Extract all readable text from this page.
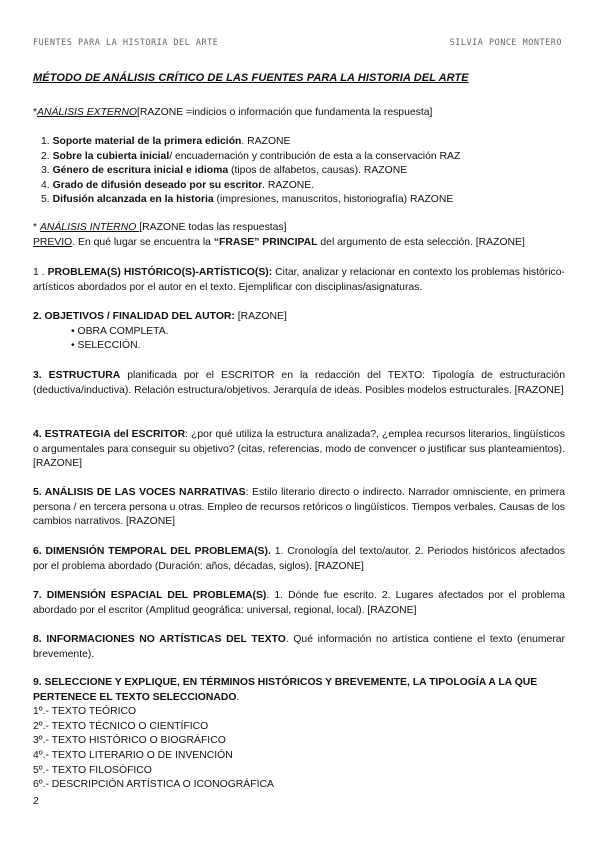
FUENTES PARA LA HISTORIA DEL ARTE	SILVIA PONCE MONTERO
MÉTODO DE ANÁLISIS CRÍTICO DE LAS FUENTES PARA LA HISTORIA DEL ARTE
*ANÁLISIS EXTERNO[RAZONE =indicios o información que fundamenta la respuesta]
1. Soporte material de la primera edición. RAZONE
2. Sobre la cubierta inicial/ encuadernación y contribución de esta a la conservación RAZ
3. Género de escritura inicial e idioma (tipos de alfabetos, causas). RAZONE
4. Grado de difusión deseado por su escritor. RAZONE.
5. Difusión alcanzada en la historia (impresiones, manuscritos, historiografía) RAZONE
* ANÁLISIS INTERNO [RAZONE todas las respuestas]
PREVIO. En qué lugar se encuentra la “FRASE” PRINCIPAL del argumento de esta selección. [RAZONE]
1 . PROBLEMA(S) HISTÓRICO(S)-ARTÍSTICO(S): Citar, analizar y relacionar en contexto los problemas histórico-artísticos abordados por el autor en el texto. Ejemplificar con disciplinas/asignaturas.
2. OBJETIVOS / FINALIDAD DEL AUTOR: [RAZONE]
• OBRA COMPLETA.
• SELECCIÓN.
3. ESTRUCTURA planificada por el ESCRITOR en la redacción del TEXTO: Tipología de estructuración (deductiva/inductiva). Relación estructura/objetivos. Jerarquía de ideas. Posibles modelos estructurales. [RAZONE]
4. ESTRATEGIA del ESCRITOR: ¿por qué utiliza la estructura analizada?, ¿emplea recursos literarios, lingüísticos o argumentales para conseguir su objetivo? (citas, referencias, modo de convencer o justificar sus planteamientos). [RAZONE]
5. ANÁLISIS DE LAS VOCES NARRATIVAS: Estilo literario directo o indirecto. Narrador omnisciente, en primera persona / en tercera persona u otras. Empleo de recursos retóricos o lingüísticos. Tiempos verbales. Causas de los cambios narrativos. [RAZONE]
6. DIMENSIÓN TEMPORAL DEL PROBLEMA(S). 1. Cronología del texto/autor. 2. Periodos históricos afectados por el problema abordado (Duración: años, décadas, siglos). [RAZONE]
7. DIMENSIÓN ESPACIAL DEL PROBLEMA(S). 1. Dónde fue escrito. 2. Lugares afectados por el problema abordado por el escritor (Amplitud geográfica: universal, regional, local). [RAZONE]
8. INFORMACIONES NO ARTÍSTICAS DEL TEXTO. Qué información no artística contiene el texto (enumerar brevemente).
9. SELECCIONE Y EXPLIQUE, EN TÉRMINOS HISTÓRICOS Y BREVEMENTE, LA TIPOLOGÍA A LA QUE PERTENECE EL TEXTO SELECCIONADO.
1º.- TEXTO TEÓRICO
2º.- TEXTO TÉCNICO O CIENTÍFICO
3º.- TEXTO HISTÓRICO O BIOGRÁFICO
4º.- TEXTO LITERARIO O DE INVENCIÓN
5º.- TEXTO FILOSÓFICO
6º.- DESCRIPCIÓN ARTÍSTICA O ICONOGRÁFICA
2
